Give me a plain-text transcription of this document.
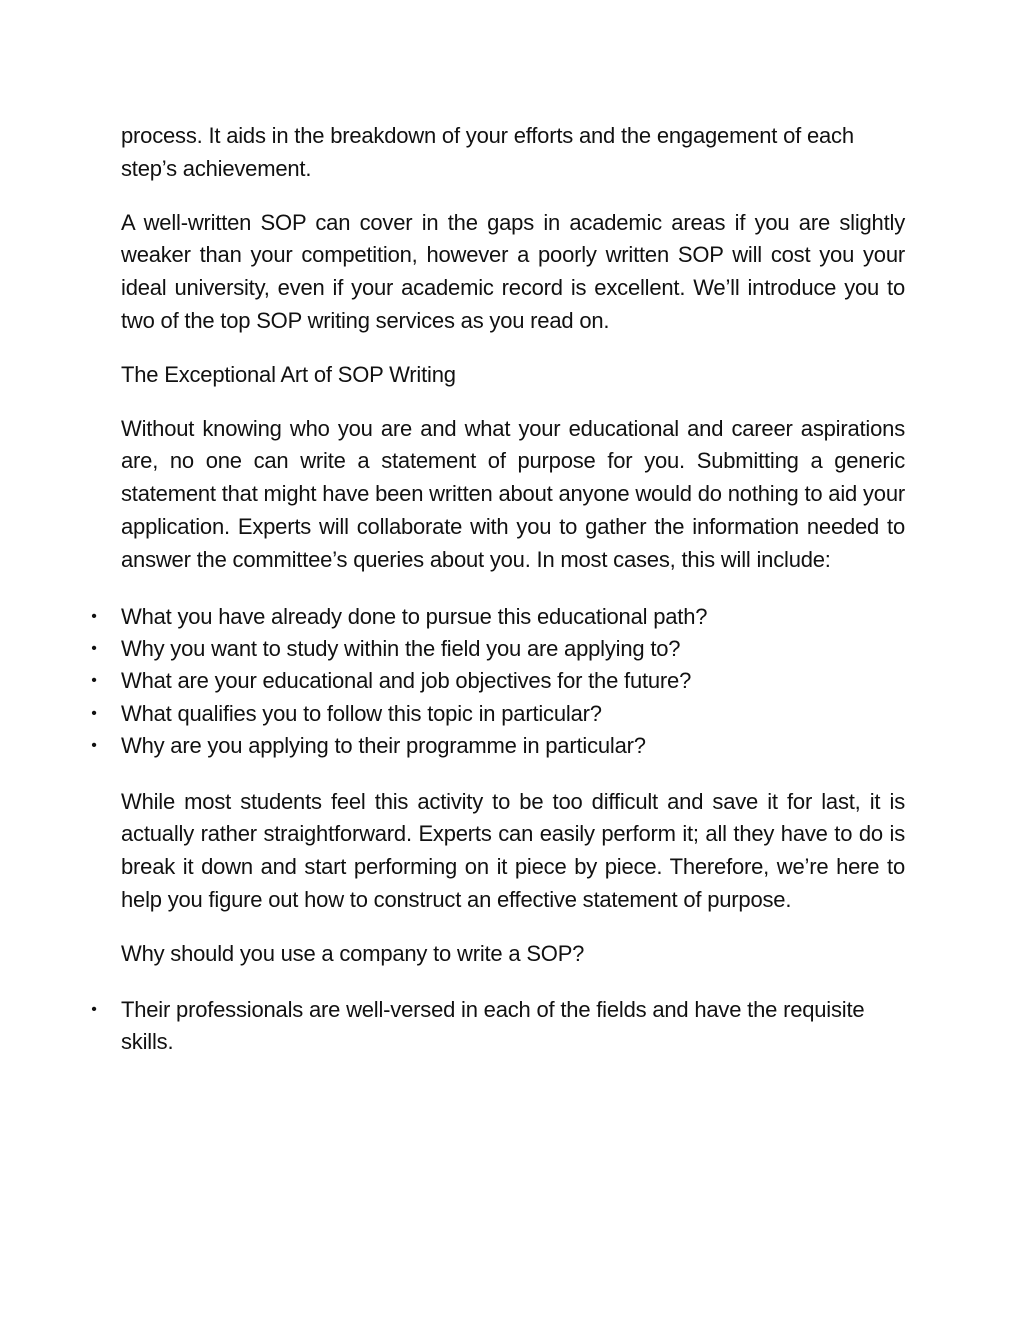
process. It aids in the breakdown of your efforts and the engagement of each step’s achievement.

A well-written SOP can cover in the gaps in academic areas if you are slightly weaker than your competition, however a poorly written SOP will cost you your ideal university, even if your academic record is excellent. We’ll introduce you to two of the top SOP writing services as you read on.

The Exceptional Art of SOP Writing

Without knowing who you are and what your educational and career aspirations are, no one can write a statement of purpose for you. Submitting a generic statement that might have been written about anyone would do nothing to aid your application. Experts will collaborate with you to gather the information needed to answer the committee’s queries about you. In most cases, this will include:

• What you have already done to pursue this educational path?
• Why you want to study within the field you are applying to?
• What are your educational and job objectives for the future?
• What qualifies you to follow this topic in particular?
• Why are you applying to their programme in particular?

While most students feel this activity to be too difficult and save it for last, it is actually rather straightforward. Experts can easily perform it; all they have to do is break it down and start performing on it piece by piece. Therefore, we’re here to help you figure out how to construct an effective statement of purpose.

Why should you use a company to write a SOP?

• Their professionals are well-versed in each of the fields and have the requisite skills.
